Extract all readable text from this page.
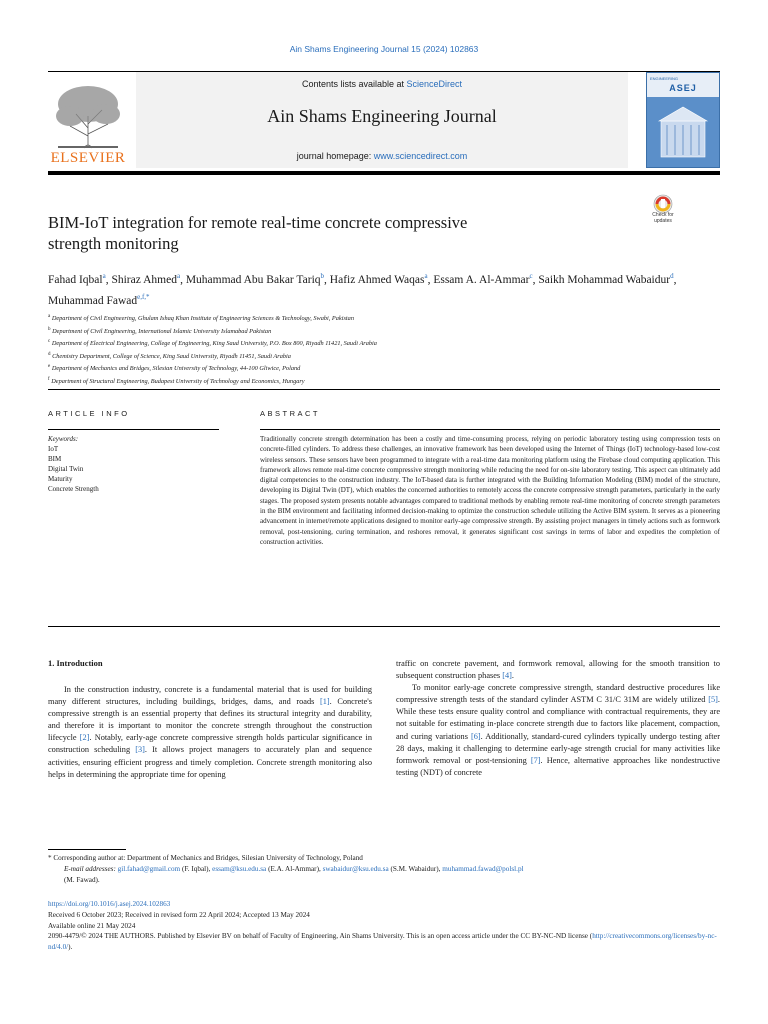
Ain Shams Engineering Journal 15 (2024) 102863
ELSEVIER
Contents lists available at ScienceDirect
Ain Shams Engineering Journal
journal homepage: www.sciencedirect.com
ENGINEERING
ASEJ
Check for
updates
BIM-IoT integration for remote real-time concrete compressive
strength monitoring
Fahad Iqbal$^a$, Shiraz Ahmed$^a$, Muhammad Abu Bakar Tariq$^b$, Hafiz Ahmed Waqas$^a$, Essam A. Al-Ammar$^c$, Saikh Mohammad Wabaidur$^d$, Muhammad Fawad$^{e,f,*}$
$^a$ Department of Civil Engineering, Ghulam Ishaq Khan Institute of Engineering Sciences & Technology, Swabi, Pakistan
$^b$ Department of Civil Engineering, International Islamic University Islamabad Pakistan
$^c$ Department of Electrical Engineering, College of Engineering, King Saud University, P.O. Box 800, Riyadh 11421, Saudi Arabia
$^d$ Chemistry Department, College of Science, King Saud University, Riyadh 11451, Saudi Arabia
$^e$ Department of Mechanics and Bridges, Silesian University of Technology, 44-100 Gliwice, Poland
$^f$ Department of Structural Engineering, Budapest University of Technology and Economics, Hungary
ARTICLE INFO	ABSTRACT
Keywords:
IoT
BIM
Digital Twin
Maturity
Concrete Strength
Traditionally concrete strength determination has been a costly and time-consuming process, relying on periodic laboratory testing using compression tests on concrete-filled cylinders. To address these challenges, an innovative framework has been developed using the Internet of Things (IoT) technology-based low-cost wireless sensors. These sensors have been programmed to integrate with a real-time data monitoring platform using the Firebase cloud computing application. This framework allows remote real-time concrete compressive strength monitoring while reducing the need for on-site laboratory testing. This aspect can ultimately add digital competencies to the construction industry. The IoT-based data is further integrated with the Building Information Modeling (BIM) model of the structure, developing its Digital Twin (DT), which enables the concerned authorities to remotely access the concrete compressive strength parameters, particularly in the early stages. The proposed system presents notable advantages compared to traditional methods by enabling remote real-time monitoring of concrete strength parameters in the BIM environment and facilitating informed decision-making to optimize the construction schedule utilizing the Active BIM system. It serves as a pioneering advancement in internet/remote applications designed to monitor early-age compressive strength. By assisting project managers in timely actions such as formwork removal, post-tensioning, curing termination, and reshores removal, it generates significant cost savings in terms of labor and expedites the completion of construction activities.
1. Introduction

In the construction industry, concrete is a fundamental material that is used for building many different structures, including buildings, bridges, dams, and roads [1]. Concrete's compressive strength is an essential property that defines its structural integrity and durability, and therefore it is important to monitor the concrete strength throughout the construction lifecycle [2]. Notably, early-age concrete compressive strength holds particular significance in construction scheduling [3]. It allows project managers to accurately plan and sequence activities, ensuring efficient progress and timely completion. Concrete strength monitoring also helps in determining the appropriate time for opening

traffic on concrete pavement, and formwork removal, allowing for the smooth transition to subsequent construction phases [4].

To monitor early-age concrete compressive strength, standard destructive procedures like compressive strength tests of the standard cylinder ASTM C 31/C 31M are widely utilized [5]. While these tests ensure quality control and compliance with contractual requirements, they are not suitable for estimating in-place concrete strength due to factors like placement, compaction, and curing variations [6]. Additionally, standard-cured cylinders typically undergo testing after 28 days, making it challenging to determine early-age strength crucial for many activities like formwork removal or post-tensioning [7]. Hence, alternative approaches like nondestructive testing (NDT) of concrete

* Corresponding author at: Department of Mechanics and Bridges, Silesian University of Technology, Poland
E-mail addresses: gil.fahad@gmail.com (F. Iqbal), essam@ksu.edu.sa (E.A. Al-Ammar), swabaidur@ksu.edu.sa (S.M. Wabaidur), muhammad.fawad@polsl.pl
(M. Fawad).
https://doi.org/10.1016/j.asej.2024.102863
Received 6 October 2023; Received in revised form 22 April 2024; Accepted 13 May 2024
Available online 21 May 2024
2090-4479/© 2024 THE AUTHORS. Published by Elsevier BV on behalf of Faculty of Engineering, Ain Shams University. This is an open access article under the CC BY-NC-ND license (http://creativecommons.org/licenses/by-nc-nd/4.0/).
